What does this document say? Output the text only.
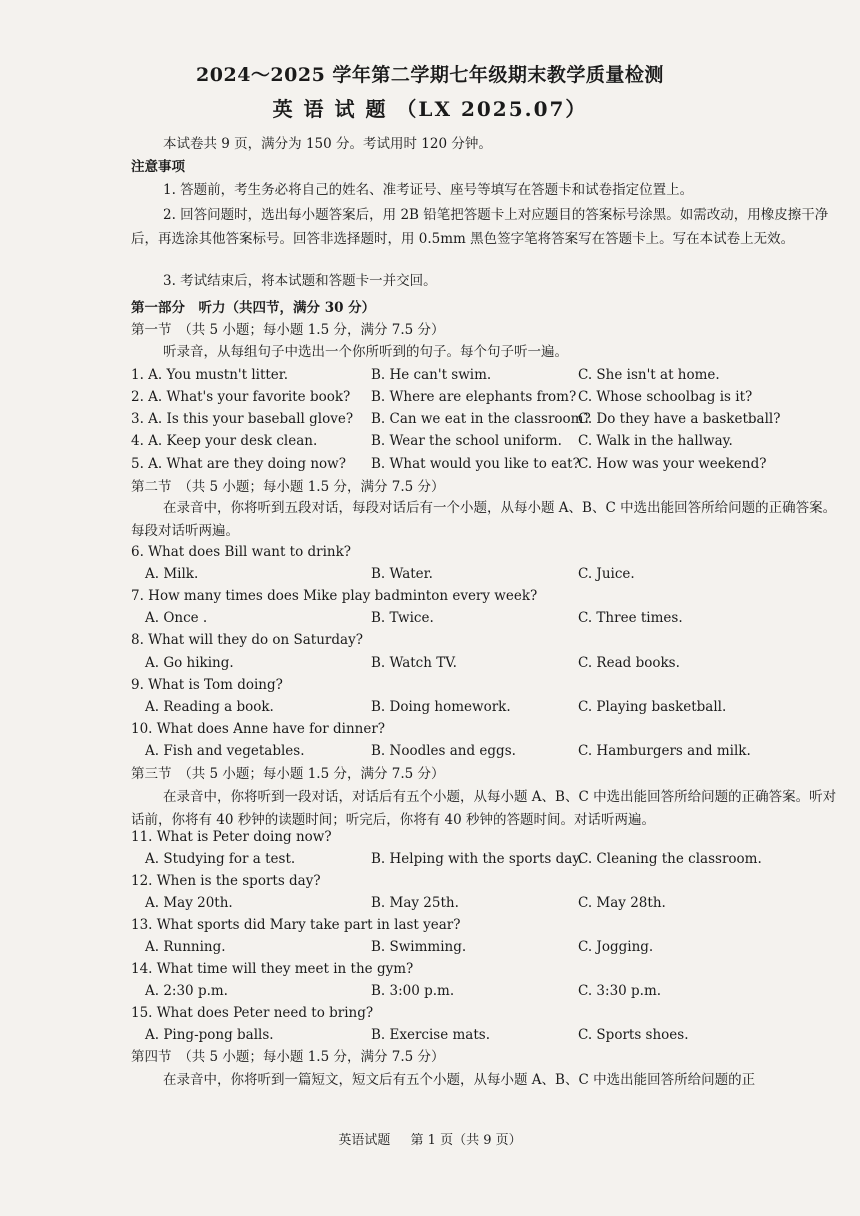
2024～2025 学年第二学期七年级期末教学质量检测
英 语 试 题 （LX 2025.07）
本试卷共 9 页，满分为 150 分。考试用时 120 分钟。
注意事项
1. 答题前，考生务必将自己的姓名、准考证号、座号等填写在答题卡和试卷指定位置上。
2. 回答问题时，选出每小题答案后，用 2B 铅笔把答题卡上对应题目的答案标号涂黑。如需改动，用橡皮擦干净后，再选涂其他答案标号。回答非选择题时，用 0.5mm 黑色签字笔将答案写在答题卡上。写在本试卷上无效。
3. 考试结束后，将本试题和答题卡一并交回。
第一部分　听力（共四节，满分 30 分）
第一节　（共 5 小题；每小题 1.5 分，满分 7.5 分）
听录音，从每组句子中选出一个你所听到的句子。每个句子听一遍。
1. A. You mustn't litter.	B. He can't swim.	C. She isn't at home.
2. A. What's your favorite book? B. Where are elephants from? C. Whose schoolbag is it?
3. A. Is this your baseball glove? B. Can we eat in the classroom?
C. Do they have a basketball?
4. A. Keep your desk clean.	B. Wear the school uniform. C. Walk in the hallway.
5. A. What are they doing now? B. What would you like to eat?
C. How was your weekend?
第二节　（共 5 小题；每小题 1.5 分，满分 7.5 分）
在录音中，你将听到五段对话，每段对话后有一个小题，从每小题 A、B、C 中选出能回答所给问题的正确答案。每段对话听两遍。
6. What does Bill want to drink?
A. Milk.	B. Water.	C. Juice.
7. How many times does Mike play badminton every week?
A. Once .	B. Twice.	C. Three times.
8. What will they do on Saturday?
A. Go hiking.	B. Watch TV.	C. Read books.
9. What is Tom doing?
A. Reading a book.	B. Doing homework.	C. Playing basketball.
10. What does Anne have for dinner?
A. Fish and vegetables.	B. Noodles and eggs.	C. Hamburgers and milk.
第三节　（共 5 小题；每小题 1.5 分，满分 7.5 分）
在录音中，你将听到一段对话，对话后有五个小题，从每小题 A、B、C 中选出能回答所给问题的正确答案。听对话前，你将有 40 秒钟的读题时间；听完后，你将有 40 秒钟的答题时间。对话听两遍。
11. What is Peter doing now?
A. Studying for a test.	B. Helping with the sports day.
C. Cleaning the classroom.
12. When is the sports day?
A. May 20th.	B. May 25th.	C. May 28th.
13. What sports did Mary take part in last year?
A. Running.	B. Swimming.	C. Jogging.
14. What time will they meet in the gym?
A. 2:30 p.m.	B. 3:00 p.m.	C. 3:30 p.m.
15. What does Peter need to bring?
A. Ping-pong balls.	B. Exercise mats.	C. Sports shoes.
第四节　（共 5 小题；每小题 1.5 分，满分 7.5 分）
在录音中，你将听到一篇短文，短文后有五个小题，从每小题 A、B、C 中选出能回答所给问题的正
英语试题 第 1 页（共 9 页）
